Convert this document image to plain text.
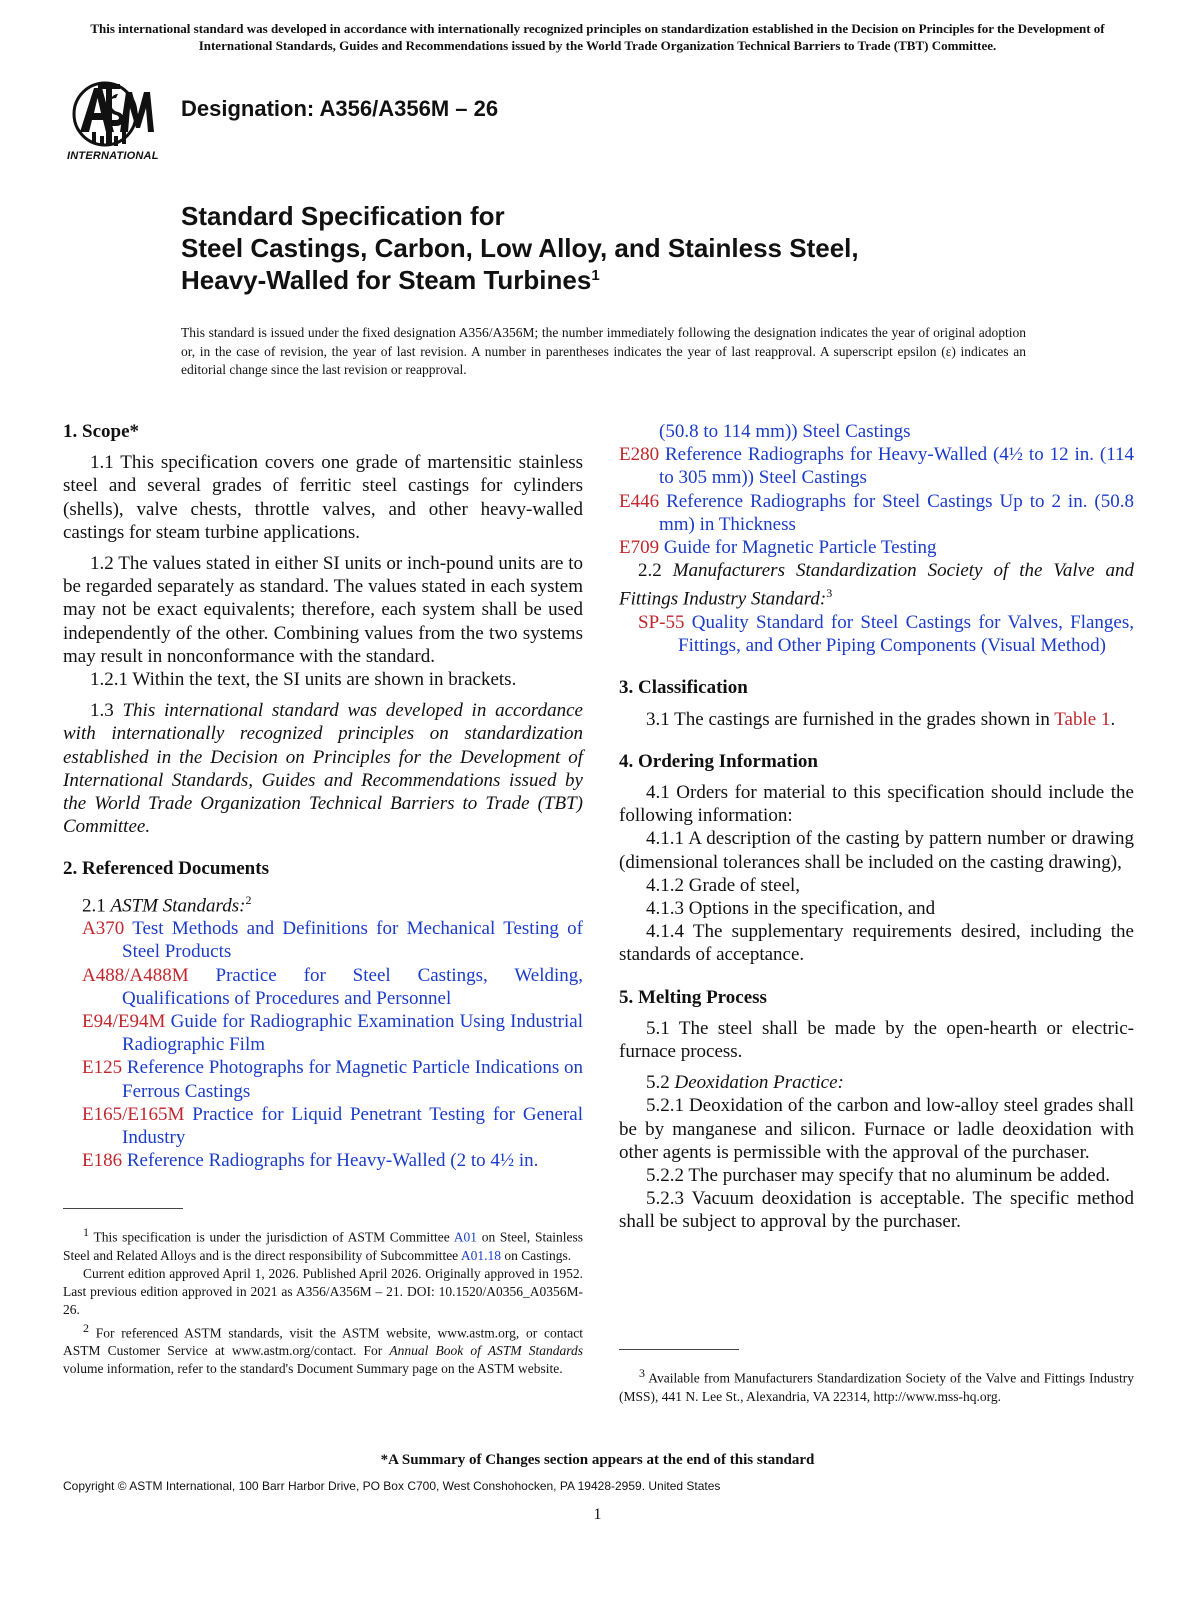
This international standard was developed in accordance with internationally recognized principles on standardization established in the Decision on Principles for the Development of International Standards, Guides and Recommendations issued by the World Trade Organization Technical Barriers to Trade (TBT) Committee.
INTERNATIONAL
Designation: A356/A356M – 26
Standard Specification for
Steel Castings, Carbon, Low Alloy, and Stainless Steel,
Heavy-Walled for Steam Turbines$^1$
This standard is issued under the fixed designation A356/A356M; the number immediately following the designation indicates the year of original adoption or, in the case of revision, the year of last revision. A number in parentheses indicates the year of last reapproval. A superscript epsilon (ε) indicates an editorial change since the last revision or reapproval.
1. Scope*

1.1 This specification covers one grade of martensitic stainless steel and several grades of ferritic steel castings for cylinders (shells), valve chests, throttle valves, and other heavy-walled castings for steam turbine applications.

1.2 The values stated in either SI units or inch-pound units are to be regarded separately as standard. The values stated in each system may not be exact equivalents; therefore, each system shall be used independently of the other. Combining values from the two systems may result in nonconformance with the standard.

1.2.1 Within the text, the SI units are shown in brackets.

1.3 This international standard was developed in accordance with internationally recognized principles on standardization established in the Decision on Principles for the Development of International Standards, Guides and Recommendations issued by the World Trade Organization Technical Barriers to Trade (TBT) Committee.

2. Referenced Documents

2.1 ASTM Standards:$^2$

A370 Test Methods and Definitions for Mechanical Testing of Steel Products

A488/A488M Practice for Steel Castings, Welding, Qualifications of Procedures and Personnel

E94/E94M Guide for Radiographic Examination Using Industrial Radiographic Film

E125 Reference Photographs for Magnetic Particle Indications on Ferrous Castings

E165/E165M Practice for Liquid Penetrant Testing for General Industry

E186 Reference Radiographs for Heavy-Walled (2 to 4½ in.

(50.8 to 114 mm)) Steel Castings

E280 Reference Radiographs for Heavy-Walled (4½ to 12 in. (114 to 305 mm)) Steel Castings

E446 Reference Radiographs for Steel Castings Up to 2 in. (50.8 mm) in Thickness

E709 Guide for Magnetic Particle Testing

2.2 Manufacturers Standardization Society of the Valve and Fittings Industry Standard:$^3$

SP-55 Quality Standard for Steel Castings for Valves, Flanges, Fittings, and Other Piping Components (Visual Method)

3. Classification

3.1 The castings are furnished in the grades shown in Table 1.

4. Ordering Information

4.1 Orders for material to this specification should include the following information:

4.1.1 A description of the casting by pattern number or drawing (dimensional tolerances shall be included on the casting drawing),

4.1.2 Grade of steel,

4.1.3 Options in the specification, and

4.1.4 The supplementary requirements desired, including the standards of acceptance.

5. Melting Process

5.1 The steel shall be made by the open-hearth or electric-furnace process.

5.2 Deoxidation Practice:

5.2.1 Deoxidation of the carbon and low-alloy steel grades shall be by manganese and silicon. Furnace or ladle deoxidation with other agents is permissible with the approval of the purchaser.

5.2.2 The purchaser may specify that no aluminum be added.

5.2.3 Vacuum deoxidation is acceptable. The specific method shall be subject to approval by the purchaser.

$^1$ This specification is under the jurisdiction of ASTM Committee A01 on Steel, Stainless Steel and Related Alloys and is the direct responsibility of Subcommittee A01.18 on Castings.

Current edition approved April 1, 2026. Published April 2026. Originally approved in 1952. Last previous edition approved in 2021 as A356/A356M – 21. DOI: 10.1520/A0356_A0356M-26.

$^2$ For referenced ASTM standards, visit the ASTM website, www.astm.org, or contact ASTM Customer Service at www.astm.org/contact. For Annual Book of ASTM Standards volume information, refer to the standard's Document Summary page on the ASTM website.	$^3$ Available from Manufacturers Standardization Society of the Valve and Fittings Industry (MSS), 441 N. Lee St., Alexandria, VA 22314, http://www.mss-hq.org.

*A Summary of Changes section appears at the end of this standard
Copyright © ASTM International, 100 Barr Harbor Drive, PO Box C700, West Conshohocken, PA 19428-2959. United States
1
